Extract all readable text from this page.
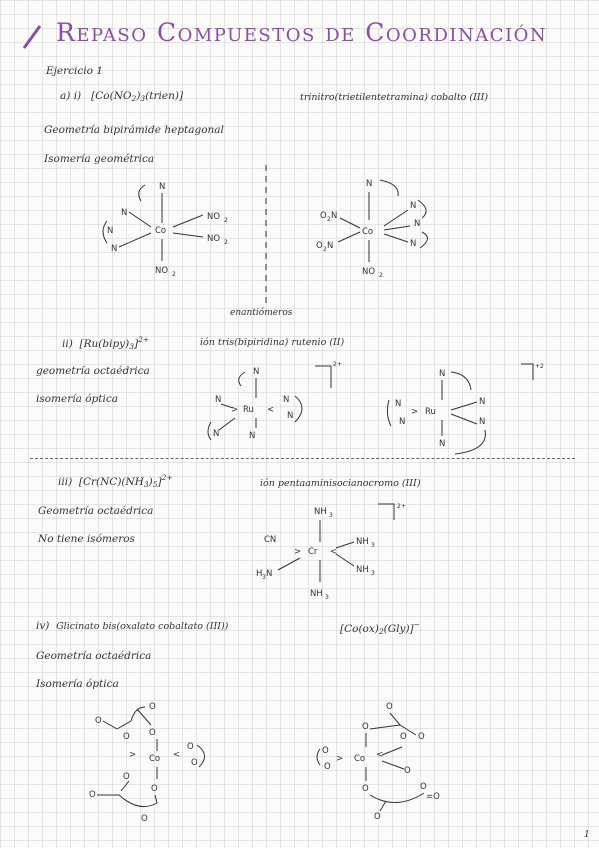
Repaso Compuestos de Coordinación
Ejercicio 1
a) i) $[Co(NO_2)_3(trien)]$	trinitro(trietilentetramina) cobalto (III)
Geometría bipirámide heptagonal
Isomería geométrica
N
N
N
N
Co
NO 2
NO 2
NO 2
N
O 2 N
O 2 N
Co
N
N
N
NO 2
enantiómeros
ii) $[Ru(bipy)_3]^{2+}$	ión tris(bipiridina) rutenio (II)
geometría octaédrica
isomería óptica
N
N
> Ru <
N
N
N	N
2+
N
N
N
> Ru
N
N
N
+2
iii) $[Cr(NC)(NH_3)_5]^{2+}$
ión pentaaminisocianocromo (III)
Geometría octaédrica
No tiene isómeros
NH 3
2+
CN
> Cr <
NH 3
NH 3
H 3 N
NH 3
iv) Glicinato bis(oxalato cobaltato (III))	$[Co(ox)_2(Gly)]^-$
Geometría octaédrica
Isomería óptica
O
O
O O
> Co <
O
O
O
O
O
O
O
O
O
O
O
O
> Co <
O
O	O
O
=O
1
